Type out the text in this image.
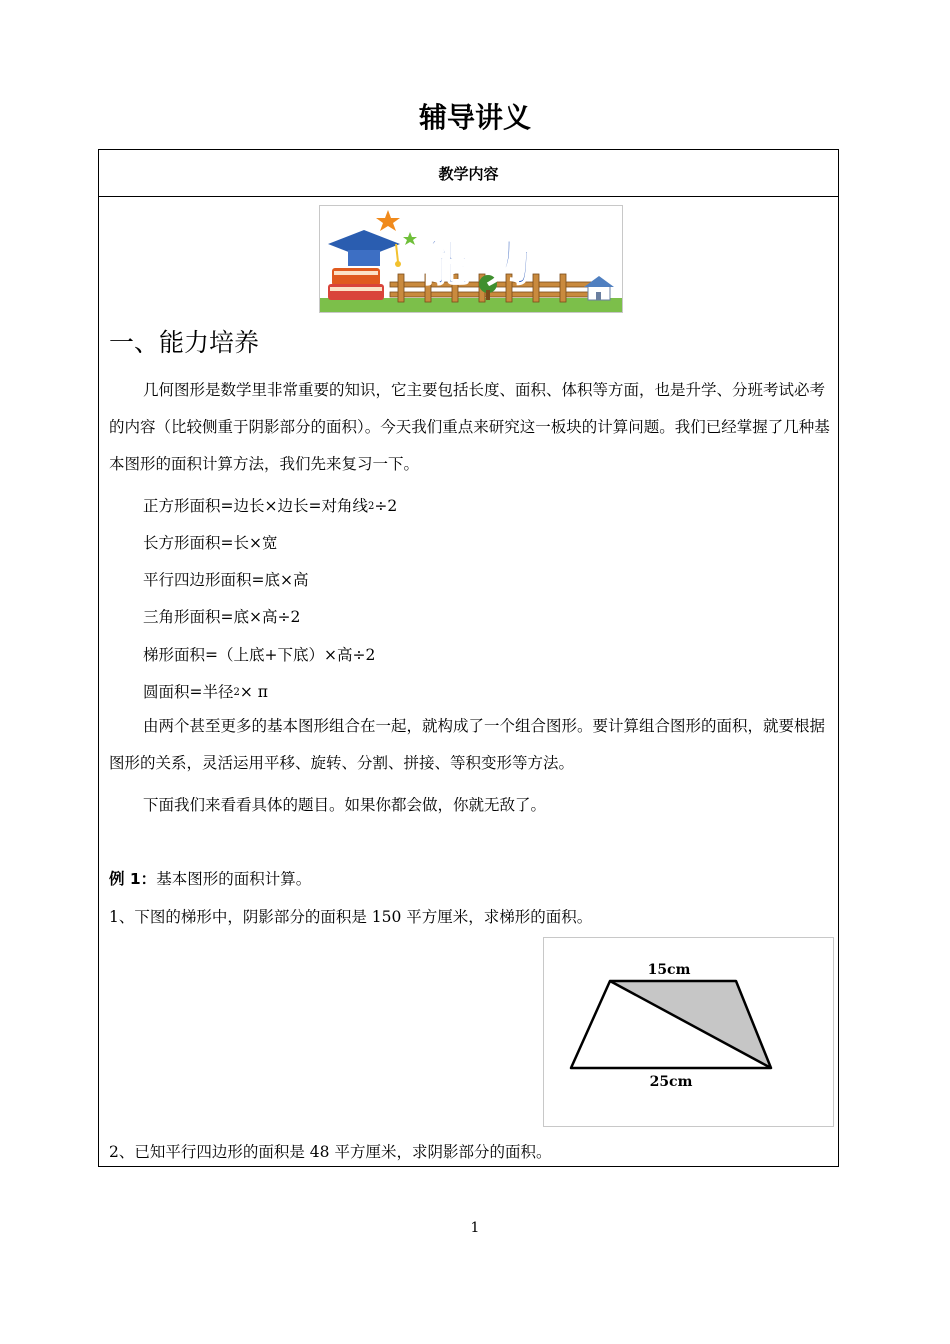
辅导讲义
教学内容
能 力
一、能力培养

几何图形是数学里非常重要的知识，它主要包括长度、面积、体积等方面，也是升学、分班考试必考的内容（比较侧重于阴影部分的面积）。今天我们重点来研究这一板块的计算问题。我们已经掌握了几种基本图形的面积计算方法，我们先来复习一下。

正方形面积=边长×边长=对角线$^2$÷2
长方形面积=长×宽
平行四边形面积=底×高
三角形面积=底×高÷2
梯形面积=（上底+下底）×高÷2
圆面积=半径$^2$× π

由两个甚至更多的基本图形组合在一起，就构成了一个组合图形。要计算组合图形的面积，就要根据图形的关系，灵活运用平移、旋转、分割、拼接、等积变形等方法。

下面我们来看看具体的题目。如果你都会做，你就无敌了。
例 1：基本图形的面积计算。
1、下图的梯形中，阴影部分的面积是 150 平方厘米，求梯形的面积。
15cm
25cm
2、已知平行四边形的面积是 48 平方厘米，求阴影部分的面积。
1
